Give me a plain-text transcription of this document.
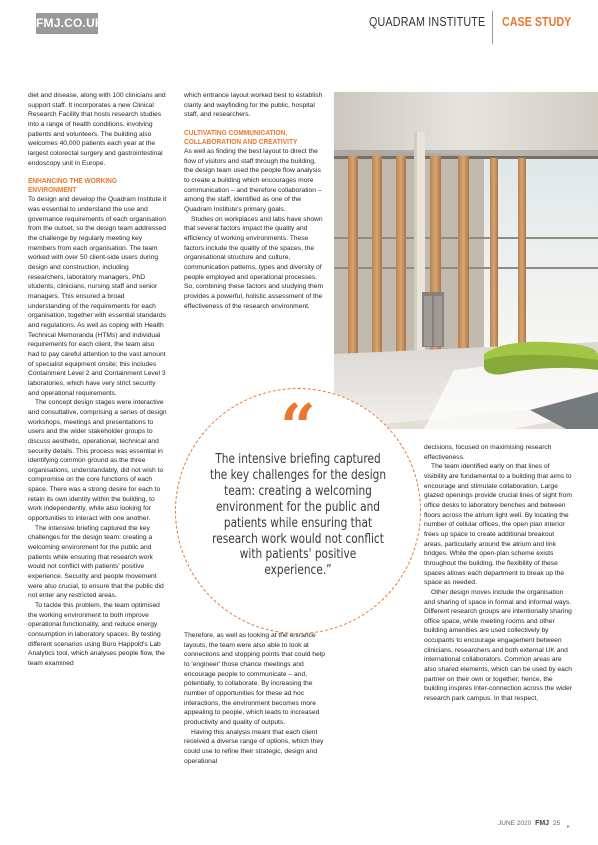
FMJ.CO.UK	QUADRAM INSTITUTE CASE STUDY

diet and disease, along with 100 clinicians and support staff. It incorporates a new Clinical Research Facility that hosts research studies into a range of health conditions, involving patients and volunteers. The building also welcomes 40,000 patients each year at the largest colorectal surgery and gastrointestinal endoscopy unit in Europe.

ENHANCING THE WORKING ENVIRONMENT

To design and develop the Quadram Institute it was essential to understand the use and governance requirements of each organisation from the outset, so the design team addressed the challenge by regularly meeting key members from each organisation. The team worked with over 50 client-side users during design and construction, including researchers, laboratory managers, PhD students, clinicians, nursing staff and senior managers. This ensured a broad understanding of the requirements for each organisation, together with essential standards and regulations. As well as coping with Health Technical Memoranda (HTMs) and individual requirements for each client, the team also had to pay careful attention to the vast amount of specialist equipment onsite; this includes Containment Level 2 and Containment Level 3 laboratories, which have very strict security and operational requirements.

The concept design stages were interactive and consultative, comprising a series of design workshops, meetings and presentations to users and the wider stakeholder groups to discuss aesthetic, operational, technical and security details. This process was essential in identifying common ground as the three organisations, understandably, did not wish to compromise on the core functions of each space. There was a strong desire for each to retain its own identity within the building, to work independently, while also looking for opportunities to interact with one another.

The intensive briefing captured the key challenges for the design team: creating a welcoming environment for the public and patients while ensuring that research work would not conflict with patients' positive experience. Security and people movement were also crucial, to ensure that the public did not enter any restricted areas.

To tackle this problem, the team optimised the working environment to both improve operational functionality, and reduce energy consumption in laboratory spaces. By testing different scenarios using Buro Happold's Lab Analytics tool, which analyses people flow, the team examined

which entrance layout worked best to establish clarity and wayfinding for the public, hospital staff, and researchers.

CULTIVATING COMMUNICATION, COLLABORATION AND CREATIVITY

As well as finding the best layout to direct the flow of visitors and staff through the building, the design team used the people flow analysis to create a building which encourages more communication – and therefore collaboration – among the staff, identified as one of the Quadram Institute's primary goals.

Studies on workplaces and labs have shown that several factors impact the quality and efficiency of working environments. These factors include the quality of the spaces, the organisational structure and culture, communication patterns, types and diversity of people employed and operational processes. So, combining these factors and studying them provides a powerful, holistic assessment of the effectiveness of the research environment.

Therefore, as well as looking at the entrance layouts, the team were also able to look at connections and stopping points that could help to 'engineer' those chance meetings and encourage people to communicate – and, potentially, to collaborate. By increasing the number of opportunities for these ad hoc interactions, the environment becomes more appealing to people, which leads to increased productivity and quality of outputs.

Having this analysis meant that each client received a diverse range of options, which they could use to refine their strategic, design and operational

decisions, focused on maximising research effectiveness.

The team identified early on that lines of visibility are fundamental to a building that aims to encourage and stimulate collaboration. Large glazed openings provide crucial lines of sight from office desks to laboratory benches and between floors across the atrium light well. By locating the number of cellular offices, the open plan interior frees up space to create additional breakout areas, particularly around the atrium and link bridges. While the open-plan scheme exists throughout the building, the flexibility of these spaces allows each department to break up the space as needed.

Other design moves include the organisation and sharing of space in formal and informal ways. Different research groups are intentionally sharing office space, while meeting rooms and other building amenities are used collectively by occupants to encourage engagement between clinicians, researchers and both external UK and international collaborators. Common areas are also shared elements, which can be used by each partner on their own or together; hence, the building inspires inter-connection across the wider research park campus. In that respect,

“
The intensive briefing captured the key challenges for the design team: creating a welcoming environment for the public and patients while ensuring that research work would not conflict with patients' positive experience.”
JUNE 2020 FMJ 25 ▸
